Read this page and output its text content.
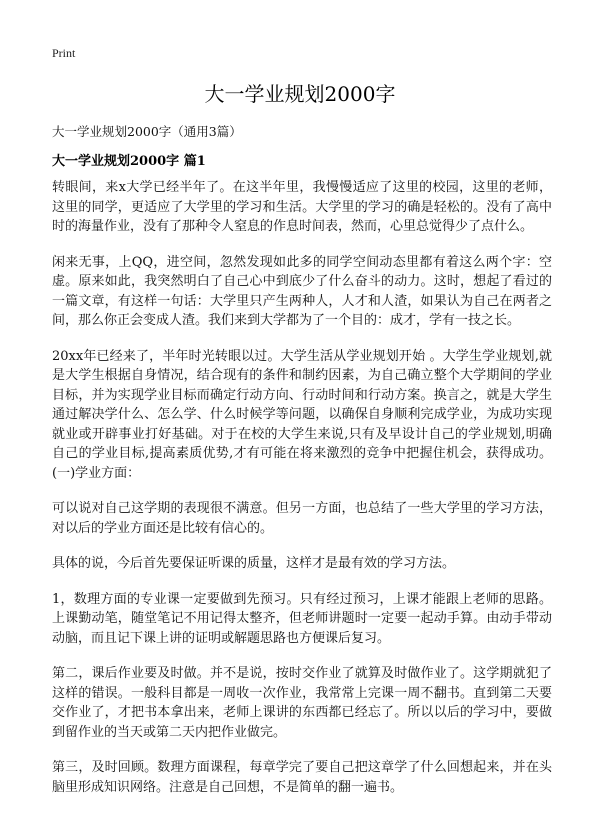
Print
大一学业规划2000字

大一学业规划2000字（通用3篇）

大一学业规划2000字 篇1

转眼间，来x大学已经半年了。在这半年里，我慢慢适应了这里的校园，这里的老师，这里的同学，更适应了大学里的学习和生活。大学里的学习的确是轻松的。没有了高中时的海量作业，没有了那种令人窒息的作息时间表，然而，心里总觉得少了点什么。

闲来无事，上QQ，进空间，忽然发现如此多的同学空间动态里都有着这么两个字：空虚。原来如此，我突然明白了自己心中到底少了什么奋斗的动力。这时，想起了看过的一篇文章，有这样一句话：大学里只产生两种人，人才和人渣，如果认为自己在两者之间，那么你正会变成人渣。我们来到大学都为了一个目的：成才，学有一技之长。

20xx年已经来了，半年时光转眼以过。大学生活从学业规划开始 。大学生学业规划,就是大学生根据自身情况，结合现有的条件和制约因素，为自己确立整个大学期间的学业目标，并为实现学业目标而确定行动方向、行动时间和行动方案。换言之，就是大学生通过解决学什么、怎么学、什么时候学等问题，以确保自身顺利完成学业，为成功实现就业或开辟事业打好基础。对于在校的大学生来说,只有及早设计自己的学业规划,明确自己的学业目标,提高素质优势,才有可能在将来激烈的竞争中把握住机会，获得成功。 (一)学业方面：

可以说对自己这学期的表现很不满意。但另一方面，也总结了一些大学里的学习方法，对以后的学业方面还是比较有信心的。

具体的说，今后首先要保证听课的质量，这样才是最有效的学习方法。

1，数理方面的专业课一定要做到先预习。只有经过预习，上课才能跟上老师的思路。上课勤动笔，随堂笔记不用记得太整齐，但老师讲题时一定要一起动手算。由动手带动动脑，而且记下课上讲的证明或解题思路也方便课后复习。

第二，课后作业要及时做。并不是说，按时交作业了就算及时做作业了。这学期就犯了这样的错误。一般科目都是一周收一次作业，我常常上完课一周不翻书。直到第二天要交作业了，才把书本拿出来，老师上课讲的东西都已经忘了。所以以后的学习中，要做到留作业的当天或第二天内把作业做完。

第三，及时回顾。数理方面课程，每章学完了要自己把这章学了什么回想起来，并在头脑里形成知识网络。注意是自己回想，不是简单的翻一遍书。
